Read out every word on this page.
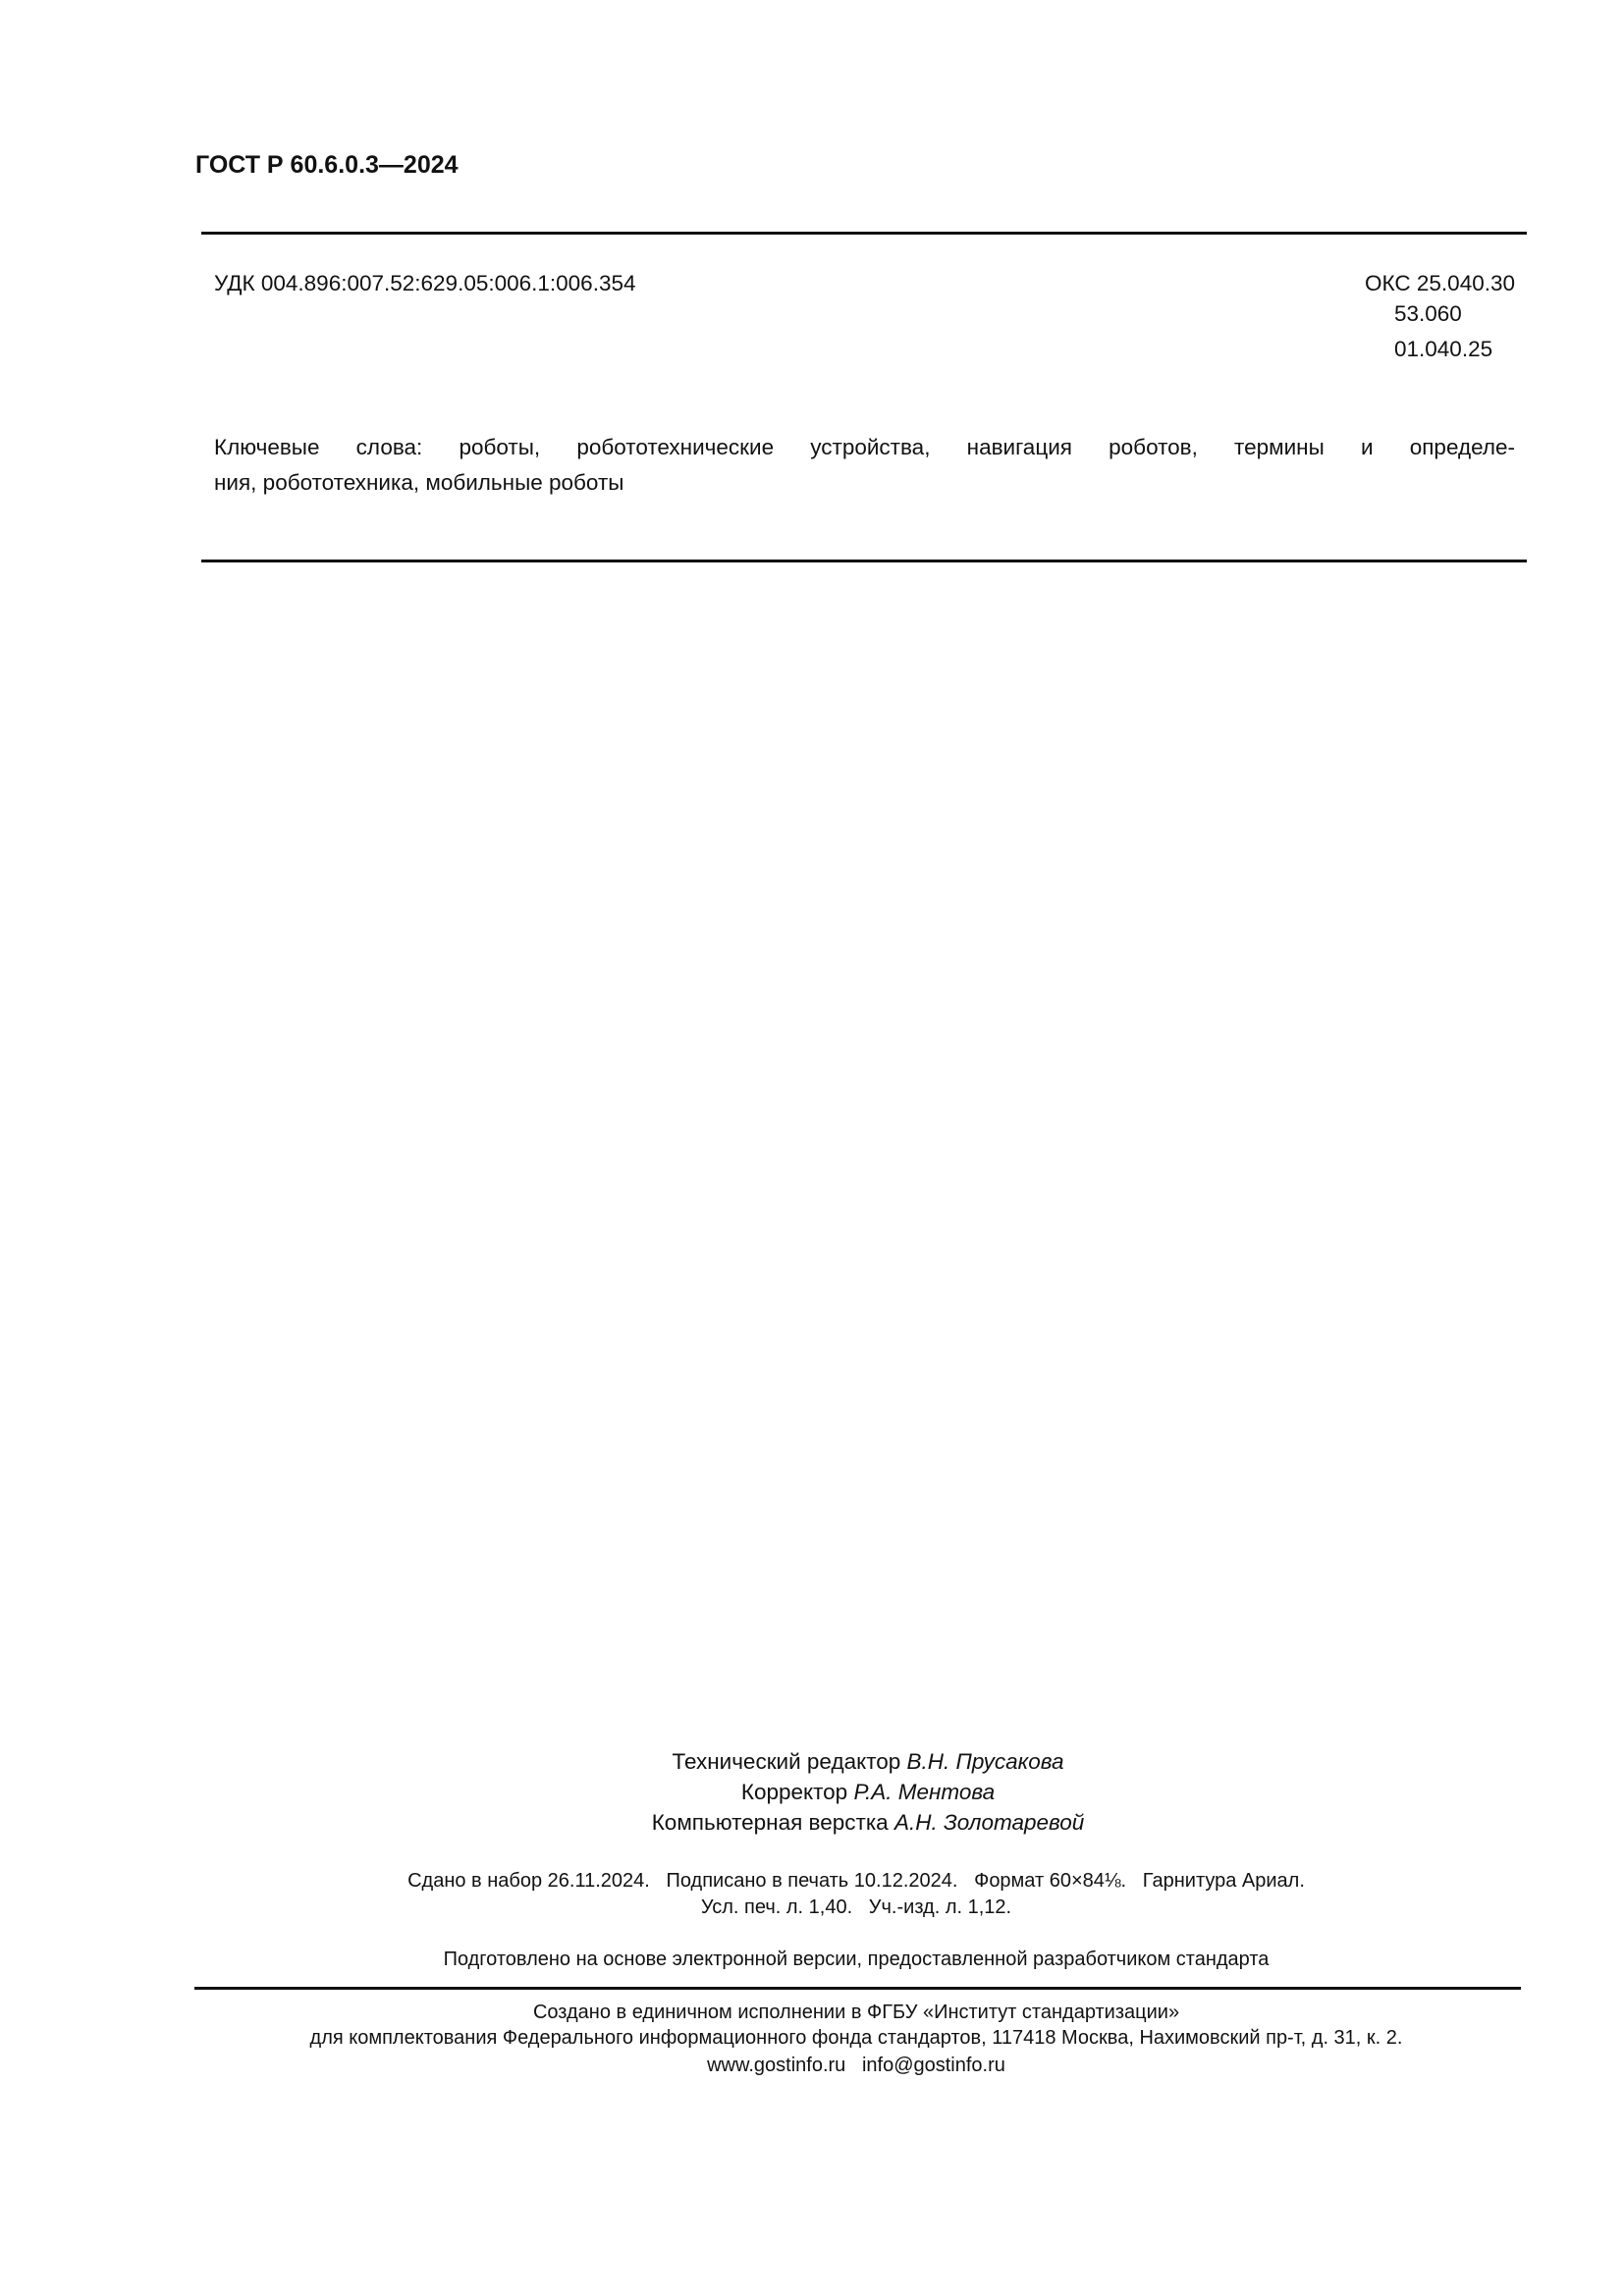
ГОСТ Р 60.6.0.3—2024
УДК 004.896:007.52:629.05:006.1:006.354	ОКС 25.040.30
53.060
01.040.25
Ключевые слова: роботы, робототехнические устройства, навигация роботов, термины и определе-
ния, робототехника, мобильные роботы
Технический редактор В.Н. Прусакова
Корректор Р.А. Ментова
Компьютерная верстка А.Н. Золотаревой
Сдано в набор 26.11.2024.   Подписано в печать 10.12.2024.   Формат 60×84⅛.   Гарнитура Ариал.
Усл. печ. л. 1,40.   Уч.-изд. л. 1,12.
Подготовлено на основе электронной версии, предоставленной разработчиком стандарта
Создано в единичном исполнении в ФГБУ «Институт стандартизации»
для комплектования Федерального информационного фонда стандартов, 117418 Москва, Нахимовский пр-т, д. 31, к. 2.
www.gostinfo.ru info@gostinfo.ru
